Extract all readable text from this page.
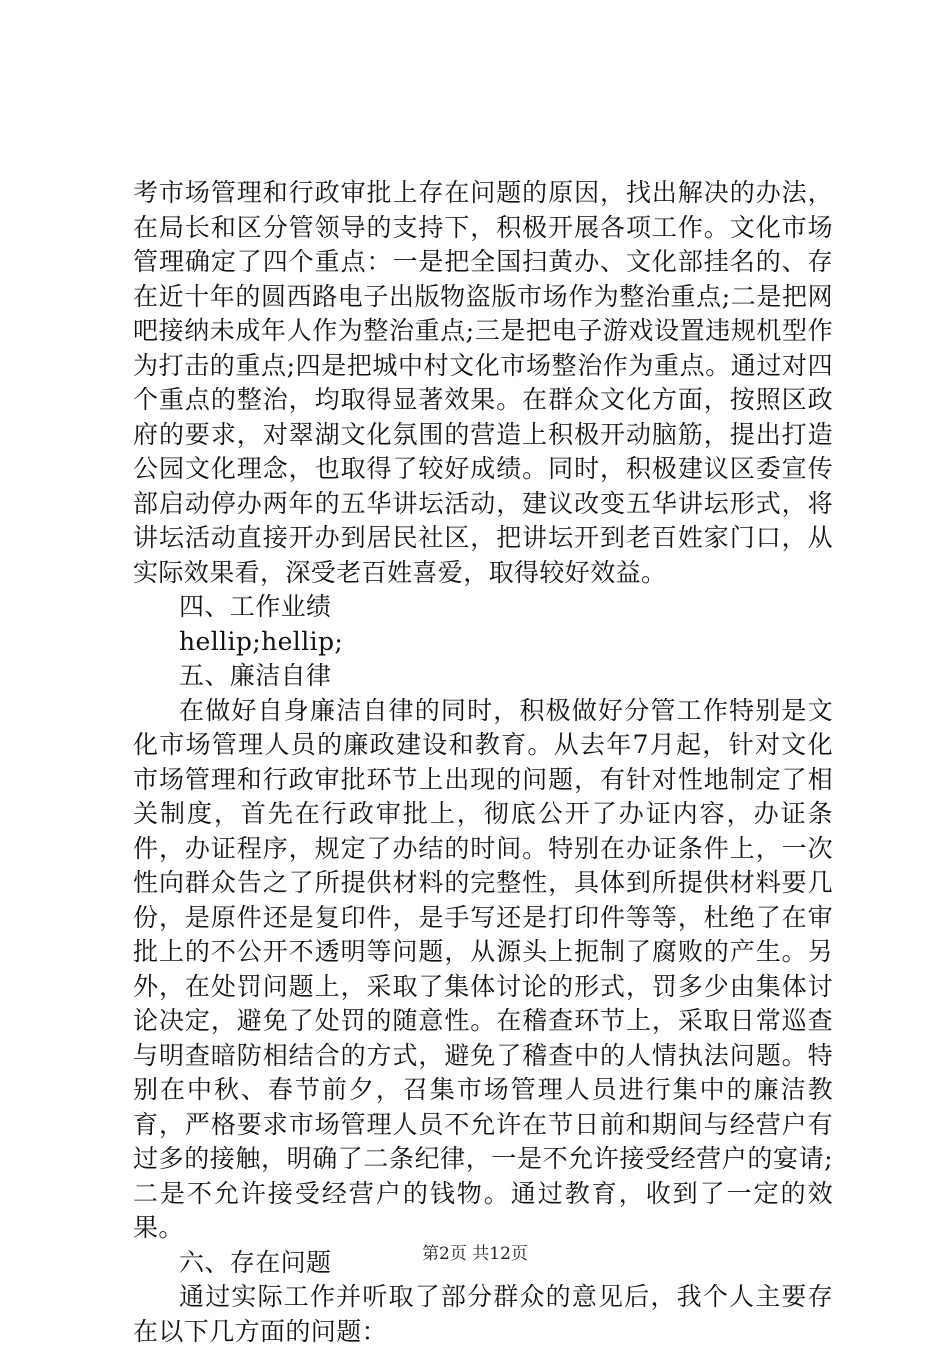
考市场管理和行政审批上存在问题的原因，找出解决的办法，在局长和区分管领导的支持下，积极开展各项工作。文化市场管理确定了四个重点：一是把全国扫黄办、文化部挂名的、存在近十年的圆西路电子出版物盗版市场作为整治重点;二是把网吧接纳未成年人作为整治重点;三是把电子游戏设置违规机型作为打击的重点;四是把城中村文化市场整治作为重点。通过对四个重点的整治，均取得显著效果。在群众文化方面，按照区政府的要求，对翠湖文化氛围的营造上积极开动脑筋，提出打造公园文化理念，也取得了较好成绩。同时，积极建议区委宣传部启动停办两年的五华讲坛活动，建议改变五华讲坛形式，将讲坛活动直接开办到居民社区，把讲坛开到老百姓家门口，从实际效果看，深受老百姓喜爱，取得较好效益。

四、工作业绩

hellip;hellip;

五、廉洁自律

在做好自身廉洁自律的同时，积极做好分管工作特别是文化市场管理人员的廉政建设和教育。从去年7月起，针对文化市场管理和行政审批环节上出现的问题，有针对性地制定了相关制度，首先在行政审批上，彻底公开了办证内容，办证条件，办证程序，规定了办结的时间。特别在办证条件上，一次性向群众告之了所提供材料的完整性，具体到所提供材料要几份，是原件还是复印件，是手写还是打印件等等，杜绝了在审批上的不公开不透明等问题，从源头上扼制了腐败的产生。另外，在处罚问题上，采取了集体讨论的形式，罚多少由集体讨论决定，避免了处罚的随意性。在稽查环节上，采取日常巡查与明查暗防相结合的方式，避免了稽查中的人情执法问题。特别在中秋、春节前夕，召集市场管理人员进行集中的廉洁教育，严格要求市场管理人员不允许在节日前和期间与经营户有过多的接触，明确了二条纪律，一是不允许接受经营户的宴请;二是不允许接受经营户的钱物。通过教育，收到了一定的效果。

六、存在问题

通过实际工作并听取了部分群众的意见后，我个人主要存在以下几方面的问题：

第2页 共12页
